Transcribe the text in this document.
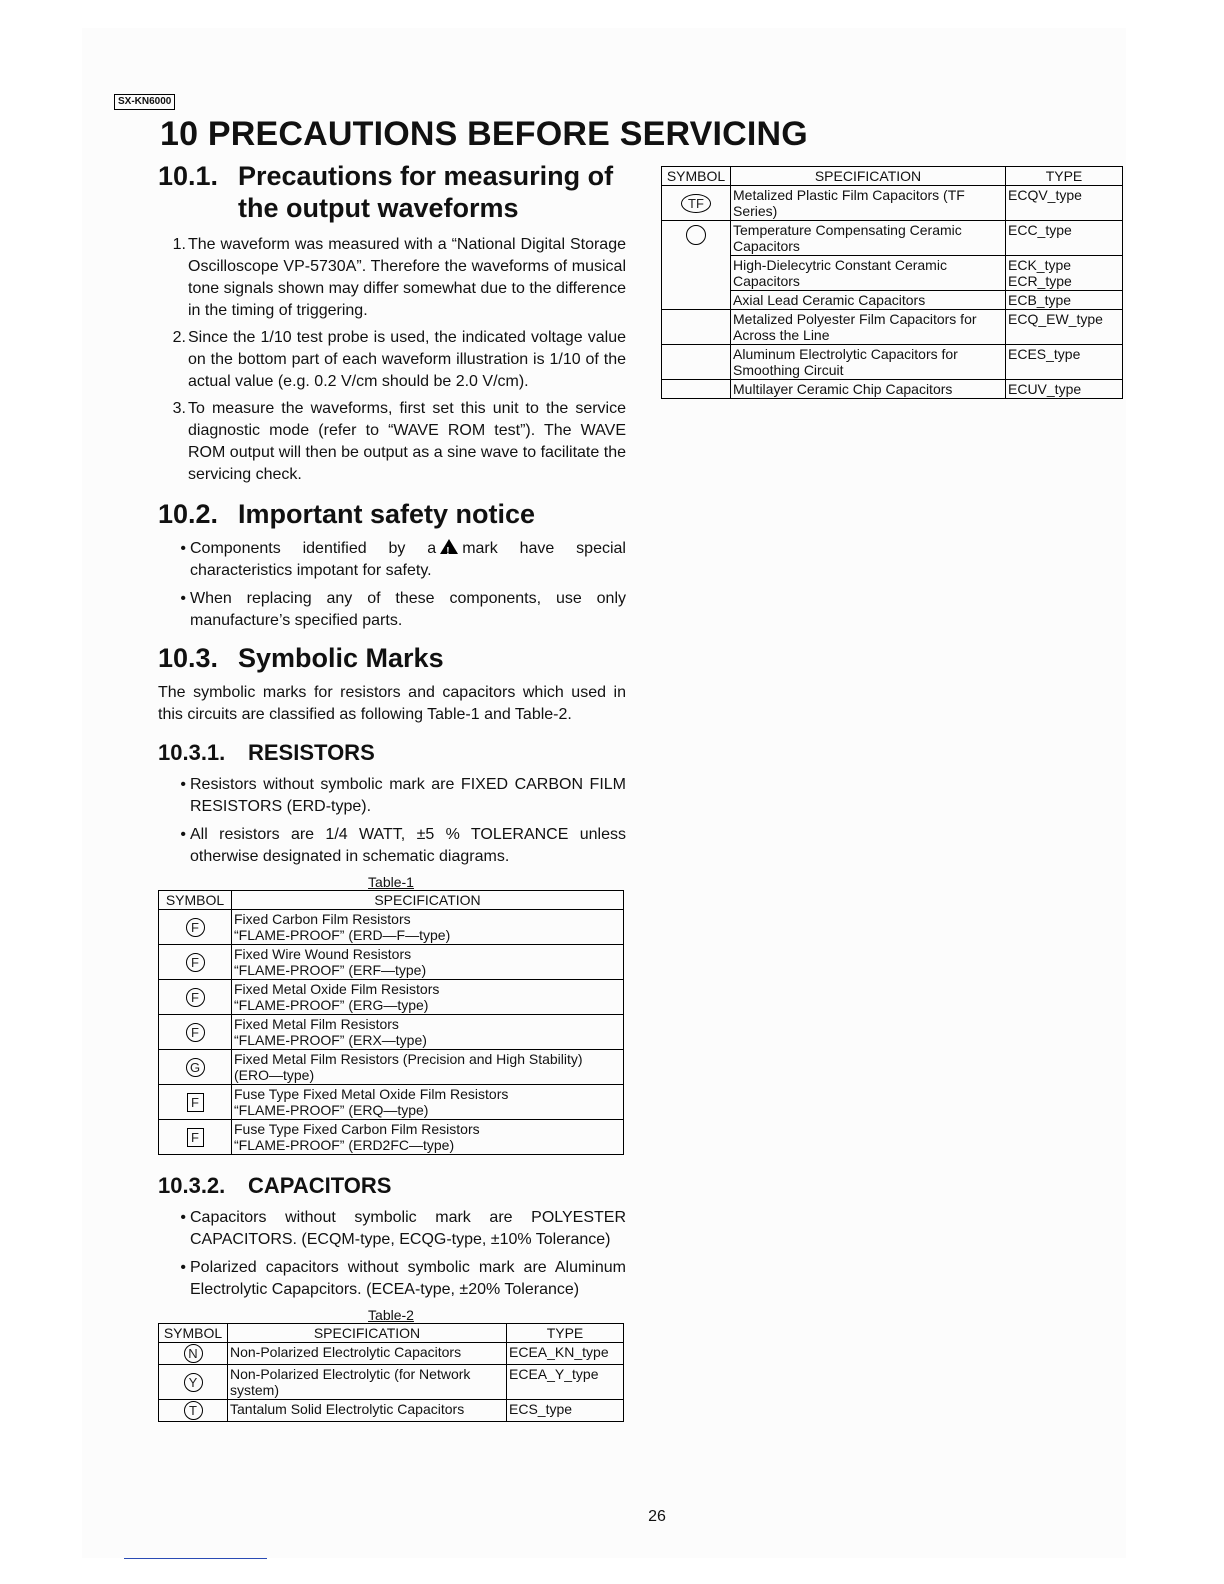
SX-KN6000
10 PRECAUTIONS BEFORE SERVICING
10.1. Precautions for measuring of
the output waveforms
1. The waveform was measured with a “National Digital Storage Oscilloscope VP-5730A”. Therefore the waveforms of musical tone signals shown may differ somewhat due to the difference in the timing of triggering.
2. Since the 1/10 test probe is used, the indicated voltage value on the bottom part of each waveform illustration is 1/10 of the actual value (e.g. 0.2 V/cm should be 2.0 V/cm).
3. To measure the waveforms, first set this unit to the service diagnostic mode (refer to “WAVE ROM test”). The WAVE ROM output will then be output as a sine wave to facilitate the servicing check.
10.2. Important safety notice
• Components identified by a ! mark have special characteristics impotant for safety.
• When replacing any of these components, use only manufacture’s specified parts.
10.3. Symbolic Marks

The symbolic marks for resistors and capacitors which used in this circuits are classified as following Table-1 and Table-2.

10.3.1.	RESISTORS
• Resistors without symbolic mark are FIXED CARBON FILM RESISTORS (ERD-type).
• All resistors are 1/4 WATT, ±5 % TOLERANCE unless otherwise designated in schematic diagrams.
Table-1
SYMBOL	SPECIFICATION
F	Fixed Carbon Film Resistors
“FLAME-PROOF” (ERD—F—type)
F	Fixed Wire Wound Resistors
“FLAME-PROOF” (ERF—type)
F	Fixed Metal Oxide Film Resistors
“FLAME-PROOF” (ERG—type)
F	Fixed Metal Film Resistors
“FLAME-PROOF” (ERX—type)
G	Fixed Metal Film Resistors (Precision and High Stability)
(ERO—type)
F	Fuse Type Fixed Metal Oxide Film Resistors
“FLAME-PROOF” (ERQ—type)
F	Fuse Type Fixed Carbon Film Resistors
“FLAME-PROOF” (ERD2FC—type)
10.3.2.	CAPACITORS
• Capacitors without symbolic mark are POLYESTER CAPACITORS. (ECQM-type, ECQG-type, ±10% Tolerance)
• Polarized capacitors without symbolic mark are Aluminum Electrolytic Capapcitors. (ECEA-type, ±20% Tolerance)
Table-2
SYMBOL	SPECIFICATION	TYPE
N	Non-Polarized Electrolytic Capacitors	ECEA_KN_type
Y	Non-Polarized Electrolytic (for Network
system)	ECEA_Y_type
T	Tantalum Solid Electrolytic Capacitors	ECS_type
SYMBOL	SPECIFICATION	TYPE
TF	Metalized Plastic Film Capacitors (TF
Series)	ECQV_type
	Temperature Compensating Ceramic
Capacitors	ECC_type
	High-Dielecytric Constant Ceramic
Capacitors	ECK_type
ECR_type
	Axial Lead Ceramic Capacitors	ECB_type
	Metalized Polyester Film Capacitors for
Across the Line	ECQ_EW_type
	Aluminum Electrolytic Capacitors for
Smoothing Circuit	ECES_type
	Multilayer Ceramic Chip Capacitors	ECUV_type
26
